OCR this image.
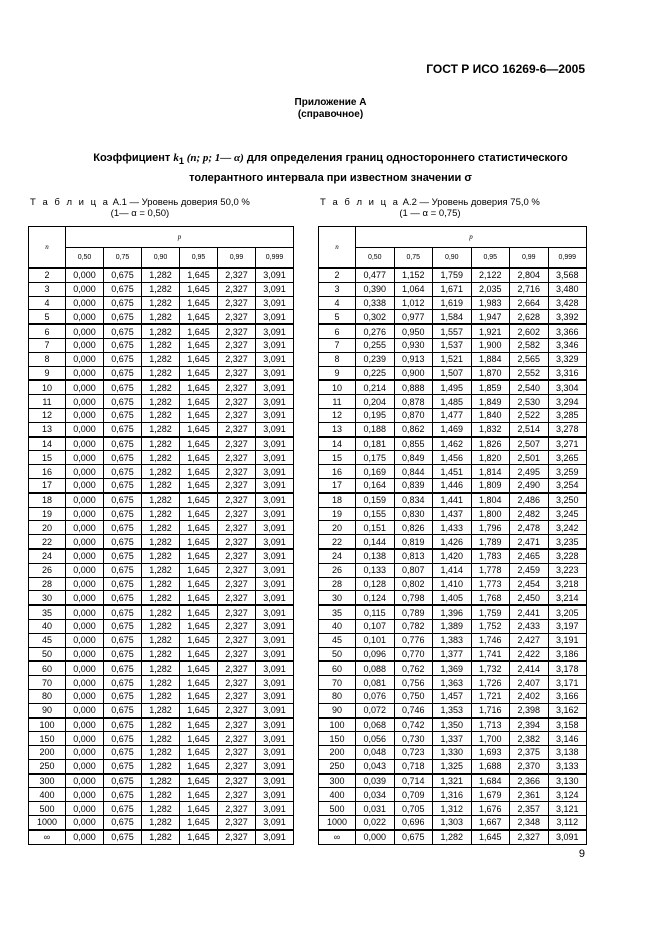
ГОСТ Р ИСО 16269-6—2005
Приложение А
(справочное)
Коэффициент $k_1$ (n; p; 1— α) для определения границ одностороннего статистического
толерантного интервала при известном значении σ
Т а б л и ц а А.1 — Уровень доверия 50,0 %
(1— α = 0,50)
Т а б л и ц а А.2 — Уровень доверия 75,0 %
(1 — α = 0,75)
n	p					
	0,50	0,75	0,90	0,95	0,99	0,999
2	0,000	0,675	1,282	1,645	2,327	3,091
3	0,000	0,675	1,282	1,645	2,327	3,091
4	0,000	0,675	1,282	1,645	2,327	3,091
5	0,000	0,675	1,282	1,645	2,327	3,091
6	0,000	0,675	1,282	1,645	2,327	3,091
7	0,000	0,675	1,282	1,645	2,327	3,091
8	0,000	0,675	1,282	1,645	2,327	3,091
9	0,000	0,675	1,282	1,645	2,327	3,091
10	0,000	0,675	1,282	1,645	2,327	3,091
11	0,000	0,675	1,282	1,645	2,327	3,091
12	0,000	0,675	1,282	1,645	2,327	3,091
13	0,000	0,675	1,282	1,645	2,327	3,091
14	0,000	0,675	1,282	1,645	2,327	3,091
15	0,000	0,675	1,282	1,645	2,327	3,091
16	0,000	0,675	1,282	1,645	2,327	3,091
17	0,000	0,675	1,282	1,645	2,327	3,091
18	0,000	0,675	1,282	1,645	2,327	3,091
19	0,000	0,675	1,282	1,645	2,327	3,091
20	0,000	0,675	1,282	1,645	2,327	3,091
22	0,000	0,675	1,282	1,645	2,327	3,091
24	0,000	0,675	1,282	1,645	2,327	3,091
26	0,000	0,675	1,282	1,645	2,327	3,091
28	0,000	0,675	1,282	1,645	2,327	3,091
30	0,000	0,675	1,282	1,645	2,327	3,091
35	0,000	0,675	1,282	1,645	2,327	3,091
40	0,000	0,675	1,282	1,645	2,327	3,091
45	0,000	0,675	1,282	1,645	2,327	3,091
50	0,000	0,675	1,282	1,645	2,327	3,091
60	0,000	0,675	1,282	1,645	2,327	3,091
70	0,000	0,675	1,282	1,645	2,327	3,091
80	0,000	0,675	1,282	1,645	2,327	3,091
90	0,000	0,675	1,282	1,645	2,327	3,091
100	0,000	0,675	1,282	1,645	2,327	3,091
150	0,000	0,675	1,282	1,645	2,327	3,091
200	0,000	0,675	1,282	1,645	2,327	3,091
250	0,000	0,675	1,282	1,645	2,327	3,091
300	0,000	0,675	1,282	1,645	2,327	3,091
400	0,000	0,675	1,282	1,645	2,327	3,091
500	0,000	0,675	1,282	1,645	2,327	3,091
1000	0,000	0,675	1,282	1,645	2,327	3,091
∞	0,000	0,675	1,282	1,645	2,327	3,091
n	p					
	0,50	0,75	0,90	0,95	0,99	0,999
2	0,477	1,152	1,759	2,122	2,804	3,568
3	0,390	1,064	1,671	2,035	2,716	3,480
4	0,338	1,012	1,619	1,983	2,664	3,428
5	0,302	0,977	1,584	1,947	2,628	3,392
6	0,276	0,950	1,557	1,921	2,602	3,366
7	0,255	0,930	1,537	1,900	2,582	3,346
8	0,239	0,913	1,521	1,884	2,565	3,329
9	0,225	0,900	1,507	1,870	2,552	3,316
10	0,214	0,888	1,495	1,859	2,540	3,304
11	0,204	0,878	1,485	1,849	2,530	3,294
12	0,195	0,870	1,477	1,840	2,522	3,285
13	0,188	0,862	1,469	1,832	2,514	3,278
14	0,181	0,855	1,462	1,826	2,507	3,271
15	0,175	0,849	1,456	1,820	2,501	3,265
16	0,169	0,844	1,451	1,814	2,495	3,259
17	0,164	0,839	1,446	1,809	2,490	3,254
18	0,159	0,834	1,441	1,804	2,486	3,250
19	0,155	0,830	1,437	1,800	2,482	3,245
20	0,151	0,826	1,433	1,796	2,478	3,242
22	0,144	0,819	1,426	1,789	2,471	3,235
24	0,138	0,813	1,420	1,783	2,465	3,228
26	0,133	0,807	1,414	1,778	2,459	3,223
28	0,128	0,802	1,410	1,773	2,454	3,218
30	0,124	0,798	1,405	1,768	2,450	3,214
35	0,115	0,789	1,396	1,759	2,441	3,205
40	0,107	0,782	1,389	1,752	2,433	3,197
45	0,101	0,776	1,383	1,746	2,427	3,191
50	0,096	0,770	1,377	1,741	2,422	3,186
60	0,088	0,762	1,369	1,732	2,414	3,178
70	0,081	0,756	1,363	1,726	2,407	3,171
80	0,076	0,750	1,457	1,721	2,402	3,166
90	0,072	0,746	1,353	1,716	2,398	3,162
100	0,068	0,742	1,350	1,713	2,394	3,158
150	0,056	0,730	1,337	1,700	2,382	3,146
200	0,048	0,723	1,330	1,693	2,375	3,138
250	0,043	0,718	1,325	1,688	2,370	3,133
300	0,039	0,714	1,321	1,684	2,366	3,130
400	0,034	0,709	1,316	1,679	2,361	3,124
500	0,031	0,705	1,312	1,676	2,357	3,121
1000	0,022	0,696	1,303	1,667	2,348	3,112
∞	0,000	0,675	1,282	1,645	2,327	3,091
9
